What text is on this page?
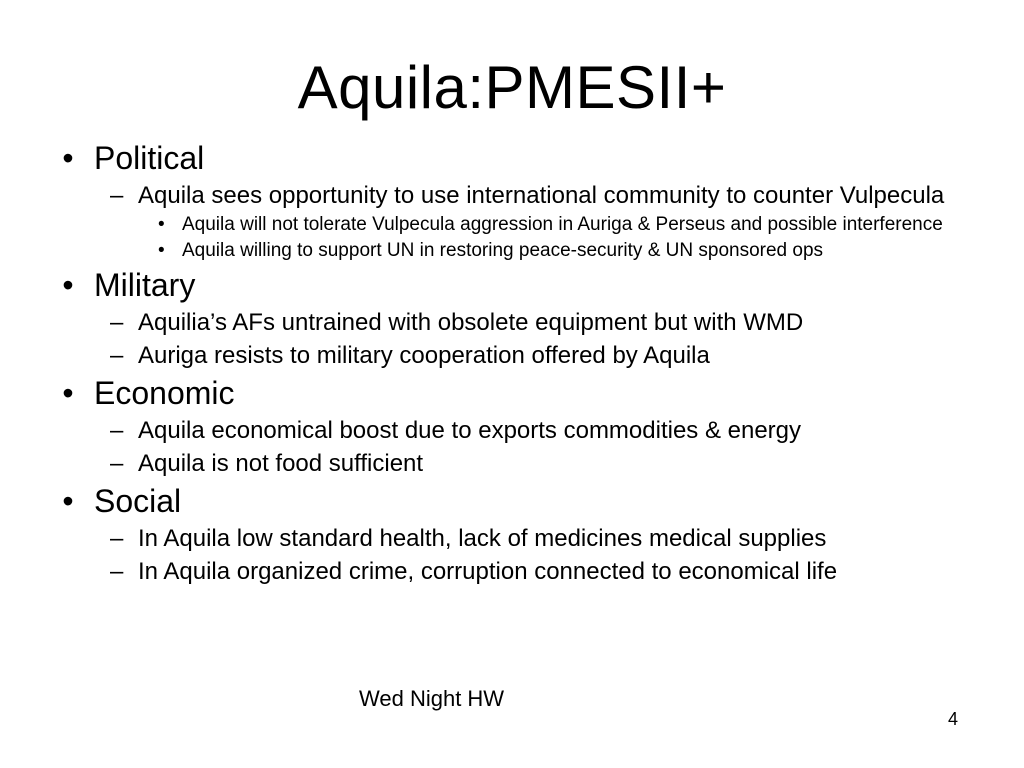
Aquila:PMESII+
• Political
– Aquila sees opportunity to use international community to counter Vulpecula
• Aquila will not tolerate Vulpecula aggression in Auriga & Perseus and possible interference
• Aquila willing to support UN in restoring peace-security & UN sponsored ops
• Military
– Aquilia’s AFs untrained with obsolete equipment but with WMD
– Auriga resists to military cooperation offered by Aquila
• Economic
– Aquila economical boost due to exports commodities & energy
– Aquila is not food sufficient
• Social
– In Aquila low standard health, lack of medicines medical supplies
– In Aquila organized crime, corruption connected to economical life
Wed Night HW
4
